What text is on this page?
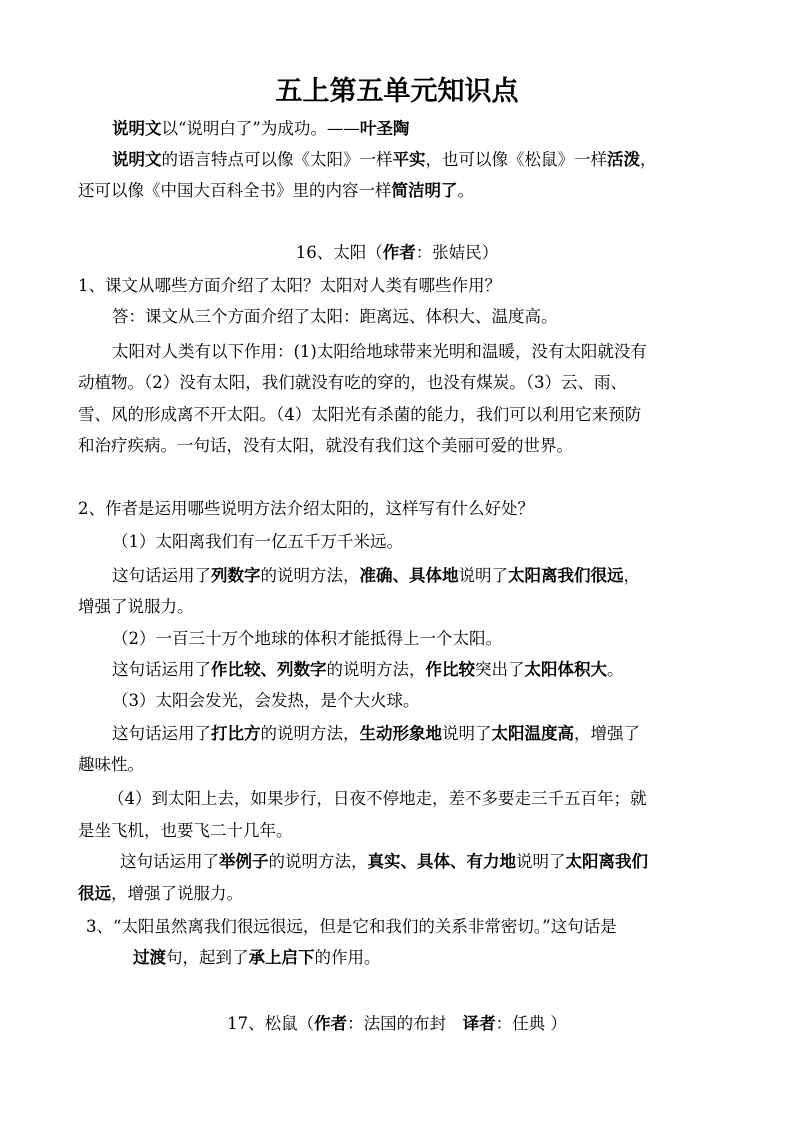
五上第五单元知识点
说明文以“说明白了”为成功。——叶圣陶
说明文的语言特点可以像《太阳》一样平实，也可以像《松鼠》一样活泼，
还可以像《中国大百科全书》里的内容一样简洁明了。
16、太阳（作者：张姞民）
1、课文从哪些方面介绍了太阳？太阳对人类有哪些作用？
答：课文从三个方面介绍了太阳：距离远、体积大、温度高。
太阳对人类有以下作用：(1)太阳给地球带来光明和温暖，没有太阳就没有
动植物。（2）没有太阳，我们就没有吃的穿的，也没有煤炭。（3）云、雨、
雪、风的形成离不开太阳。（4）太阳光有杀菌的能力，我们可以利用它来预防
和治疗疾病。一句话，没有太阳，就没有我们这个美丽可爱的世界。
2、作者是运用哪些说明方法介绍太阳的，这样写有什么好处？
（1）太阳离我们有一亿五千万千米远。
这句话运用了列数字的说明方法，准确、具体地说明了太阳离我们很远，
增强了说服力。
（2）一百三十万个地球的体积才能抵得上一个太阳。
这句话运用了作比较、列数字的说明方法，作比较突出了太阳体积大。
（3）太阳会发光，会发热，是个大火球。
这句话运用了打比方的说明方法，生动形象地说明了太阳温度高，增强了
趣味性。
（4）到太阳上去，如果步行，日夜不停地走，差不多要走三千五百年；就
是坐飞机，也要飞二十几年。
这句话运用了举例子的说明方法，真实、具体、有力地说明了太阳离我们
很远，增强了说服力。
3、“太阳虽然离我们很远很远，但是它和我们的关系非常密切。”这句话是
过渡句，起到了承上启下的作用。
17、松鼠（作者：法国的布封　译者：任典 ）
